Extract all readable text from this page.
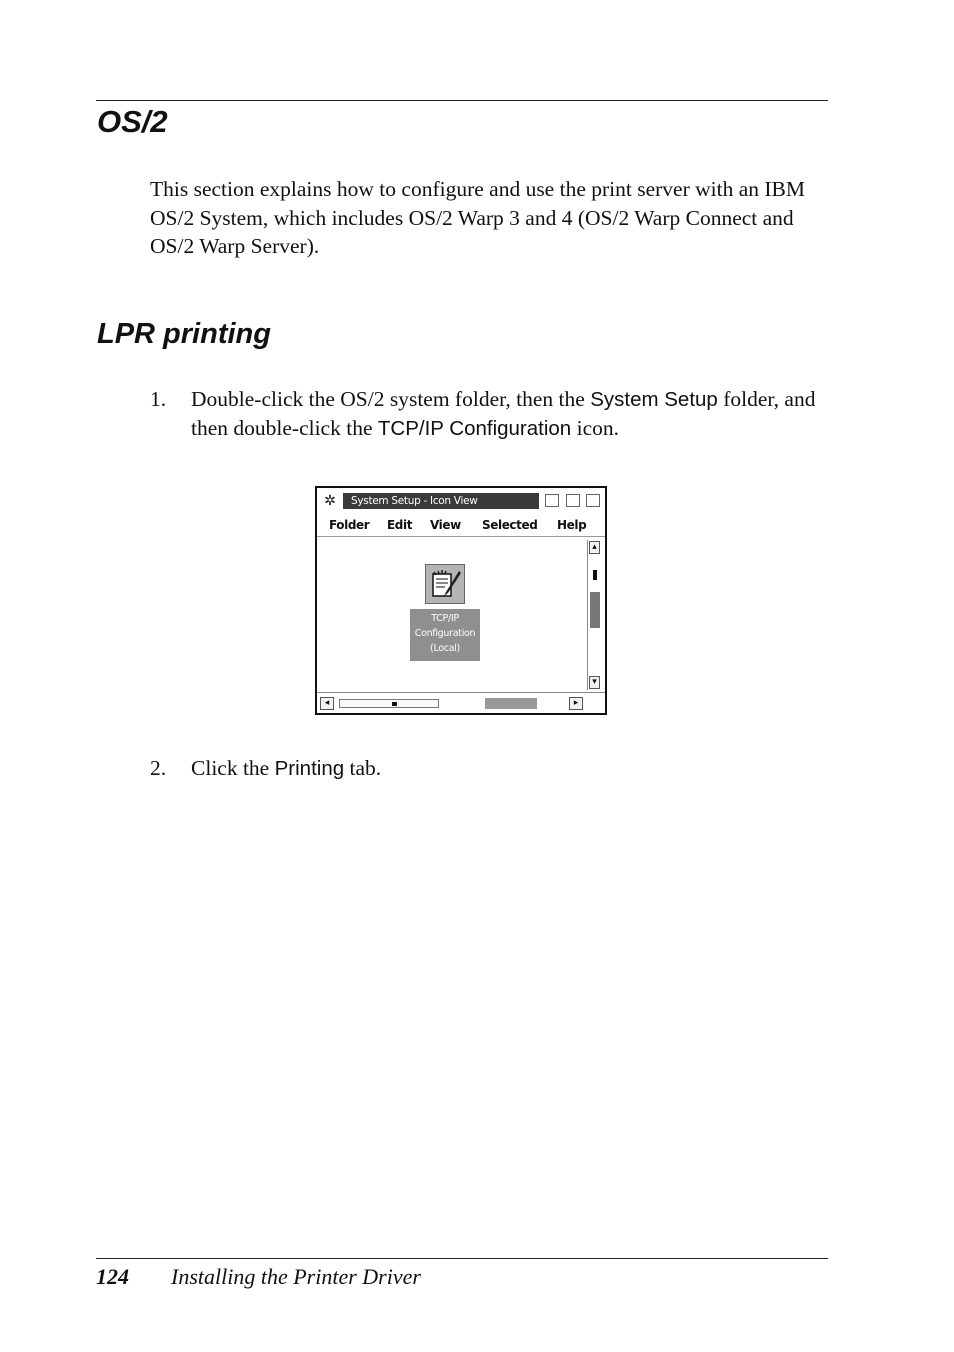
OS/2
This section explains how to configure and use the print server with an IBM OS/2 System, which includes OS/2 Warp 3 and 4 (OS/2 Warp Connect and OS/2 Warp Server).
LPR printing
1. Double-click the OS/2 system folder, then the System Setup folder, and then double-click the TCP/IP Configuration icon.
✲	System Setup - Icon View
Folder Edit View Selected Help
TCP/IP
Configuration
(Local)
▴
▾
◂	▸
2. Click the Printing tab.
124 Installing the Printer Driver
